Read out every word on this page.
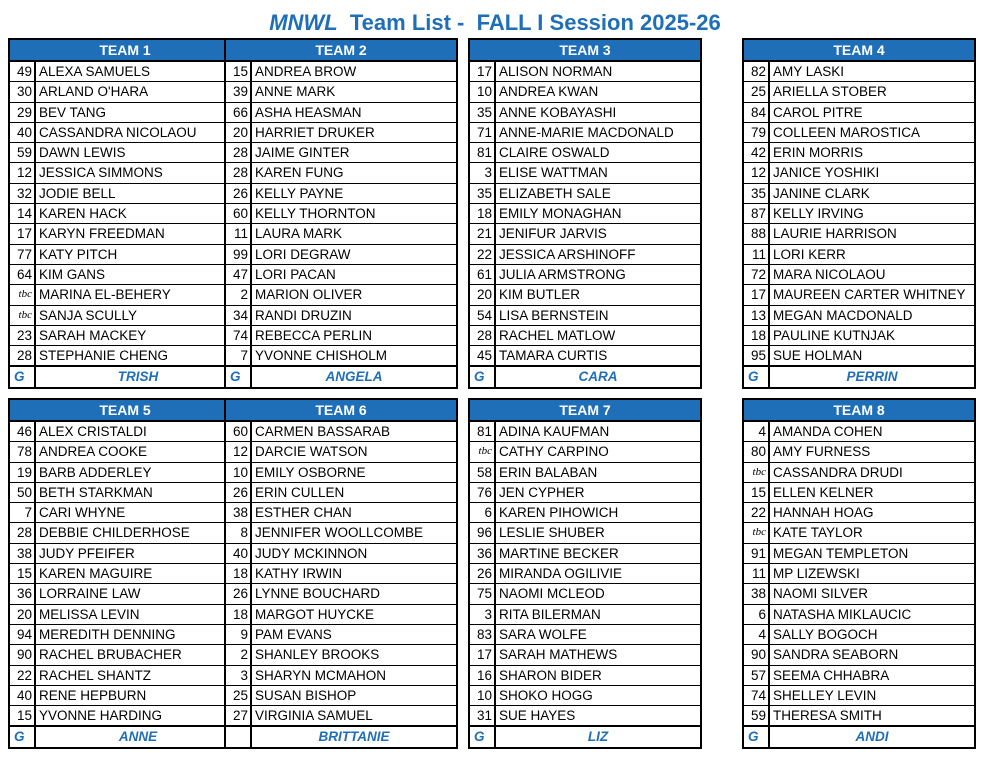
MNWL  Team List -  FALL I Session 2025-26
TEAM 1
49 ALEXA SAMUELS
30 ARLAND O'HARA
29 BEV TANG
40 CASSANDRA NICOLAOU
59 DAWN LEWIS
12 JESSICA SIMMONS
32 JODIE BELL
14 KAREN HACK
17 KARYN FREEDMAN
77 KATY PITCH
64 KIM GANS
tbc MARINA EL-BEHERY
tbc SANJA SCULLY
23 SARAH MACKEY
28 STEPHANIE CHENG
G	TRISH
TEAM 2
15 ANDREA BROW
39 ANNE MARK
66 ASHA HEASMAN
20 HARRIET DRUKER
28 JAIME GINTER
28 KAREN FUNG
26 KELLY PAYNE
60 KELLY THORNTON
11 LAURA MARK
99 LORI DEGRAW
47 LORI PACAN
2 MARION OLIVER
34 RANDI DRUZIN
74 REBECCA PERLIN
7 YVONNE CHISHOLM
G	ANGELA
TEAM 3
17 ALISON NORMAN
10 ANDREA KWAN
35 ANNE KOBAYASHI
71 ANNE-MARIE MACDONALD
81 CLAIRE OSWALD
3 ELISE WATTMAN
35 ELIZABETH SALE
18 EMILY MONAGHAN
21 JENIFUR JARVIS
22 JESSICA ARSHINOFF
61 JULIA ARMSTRONG
20 KIM BUTLER
54 LISA BERNSTEIN
28 RACHEL MATLOW
45 TAMARA CURTIS
G	CARA
TEAM 4
82 AMY LASKI
25 ARIELLA STOBER
84 CAROL PITRE
79 COLLEEN MAROSTICA
42 ERIN MORRIS
12 JANICE YOSHIKI
35 JANINE CLARK
87 KELLY IRVING
88 LAURIE HARRISON
11 LORI KERR
72 MARA NICOLAOU
17 MAUREEN CARTER WHITNEY
13 MEGAN MACDONALD
18 PAULINE KUTNJAK
95 SUE HOLMAN
G	PERRIN
TEAM 5
46 ALEX CRISTALDI
78 ANDREA COOKE
19 BARB ADDERLEY
50 BETH STARKMAN
7 CARI WHYNE
28 DEBBIE CHILDERHOSE
38 JUDY PFEIFER
15 KAREN MAGUIRE
36 LORRAINE LAW
20 MELISSA LEVIN
94 MEREDITH DENNING
90 RACHEL BRUBACHER
22 RACHEL SHANTZ
40 RENE HEPBURN
15 YVONNE HARDING
G	ANNE
TEAM 6
60 CARMEN BASSARAB
12 DARCIE WATSON
10 EMILY OSBORNE
26 ERIN CULLEN
38 ESTHER CHAN
8 JENNIFER WOOLLCOMBE
40 JUDY MCKINNON
18 KATHY IRWIN
26 LYNNE BOUCHARD
18 MARGOT HUYCKE
9 PAM EVANS
2 SHANLEY BROOKS
3 SHARYN MCMAHON
25 SUSAN BISHOP
27 VIRGINIA SAMUEL
BRITTANIE
TEAM 7
81 ADINA KAUFMAN
tbc CATHY CARPINO
58 ERIN BALABAN
76 JEN CYPHER
6 KAREN PIHOWICH
96 LESLIE SHUBER
36 MARTINE BECKER
26 MIRANDA OGILIVIE
75 NAOMI MCLEOD
3 RITA BILERMAN
83 SARA WOLFE
17 SARAH MATHEWS
16 SHARON BIDER
10 SHOKO HOGG
31 SUE HAYES
G	LIZ
TEAM 8
4 AMANDA COHEN
80 AMY FURNESS
tbc CASSANDRA DRUDI
15 ELLEN KELNER
22 HANNAH HOAG
tbc KATE TAYLOR
91 MEGAN TEMPLETON
11 MP LIZEWSKI
38 NAOMI SILVER
6 NATASHA MIKLAUCIC
4 SALLY BOGOCH
90 SANDRA SEABORN
57 SEEMA CHHABRA
74 SHELLEY LEVIN
59 THERESA SMITH
G	ANDI
